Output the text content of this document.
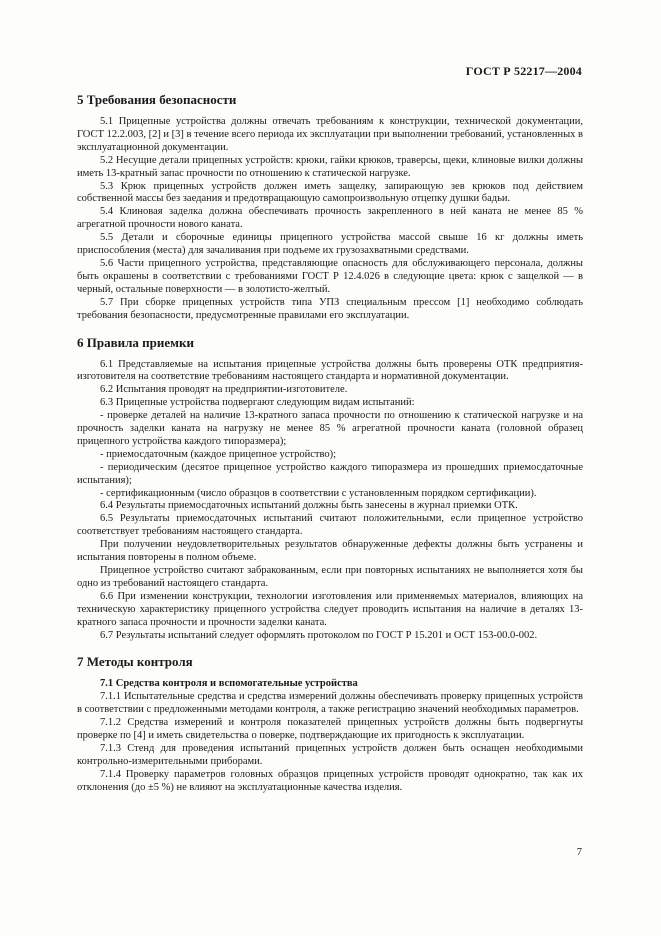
ГОСТ Р 52217—2004
5 Требования безопасности

5.1 Прицепные устройства должны отвечать требованиям к конструкции, технической документации, ГОСТ 12.2.003, [2] и [3] в течение всего периода их эксплуатации при выполнении требований, установленных в эксплуатационной документации.

5.2 Несущие детали прицепных устройств: крюки, гайки крюков, траверсы, щеки, клиновые вилки должны иметь 13-кратный запас прочности по отношению к статической нагрузке.

5.3 Крюк прицепных устройств должен иметь защелку, запирающую зев крюков под действием собственной массы без заедания и предотвращающую самопроизвольную отцепку душки бадьи.

5.4 Клиновая заделка должна обеспечивать прочность закрепленного в ней каната не менее 85 % агрегатной прочности нового каната.

5.5 Детали и сборочные единицы прицепного устройства массой свыше 16 кг должны иметь приспособления (места) для зачаливания при подъеме их грузозахватными средствами.

5.6 Части прицепного устройства, представляющие опасность для обслуживающего персонала, должны быть окрашены в соответствии с требованиями ГОСТ Р 12.4.026 в следующие цвета: крюк с защелкой — в черный, остальные поверхности — в золотисто-желтый.

5.7 При сборке прицепных устройств типа УПЗ специальным прессом [1] необходимо соблюдать требования безопасности, предусмотренные правилами его эксплуатации.

6 Правила приемки

6.1 Представляемые на испытания прицепные устройства должны быть проверены ОТК предприятия-изготовителя на соответствие требованиям настоящего стандарта и нормативной документации.

6.2 Испытания проводят на предприятии-изготовителе.

6.3 Прицепные устройства подвергают следующим видам испытаний:

- проверке деталей на наличие 13-кратного запаса прочности по отношению к статической нагрузке и на прочность заделки каната на нагрузку не менее 85 % агрегатной прочности каната (головной образец прицепного устройства каждого типоразмера);

- приемосдаточным (каждое прицепное устройство);

- периодическим (десятое прицепное устройство каждого типоразмера из прошедших приемосдаточные испытания);

- сертификационным (число образцов в соответствии с установленным порядком сертификации).

6.4 Результаты приемосдаточных испытаний должны быть занесены в журнал приемки ОТК.

6.5 Результаты приемосдаточных испытаний считают положительными, если прицепное устройство соответствует требованиям настоящего стандарта.

При получении неудовлетворительных результатов обнаруженные дефекты должны быть устранены и испытания повторены в полном объеме.

Прицепное устройство считают забракованным, если при повторных испытаниях не выполняется хотя бы одно из требований настоящего стандарта.

6.6 При изменении конструкции, технологии изготовления или применяемых материалов, влияющих на техническую характеристику прицепного устройства следует проводить испытания на наличие в деталях 13-кратного запаса прочности и прочности заделки каната.

6.7 Результаты испытаний следует оформлять протоколом по ГОСТ Р 15.201 и ОСТ 153-00.0-002.

7 Методы контроля
7.1 Средства контроля и вспомогательные устройства

7.1.1 Испытательные средства и средства измерений должны обеспечивать проверку прицепных устройств в соответствии с предложенными методами контроля, а также регистрацию значений необходимых параметров.

7.1.2 Средства измерений и контроля показателей прицепных устройств должны быть подвергнуты проверке по [4] и иметь свидетельства о поверке, подтверждающие их пригодность к эксплуатации.

7.1.3 Стенд для проведения испытаний прицепных устройств должен быть оснащен необходимыми контрольно-измерительными приборами.

7.1.4 Проверку параметров головных образцов прицепных устройств проводят однократно, так как их отклонения (до ±5 %) не влияют на эксплуатационные качества изделия.

7
